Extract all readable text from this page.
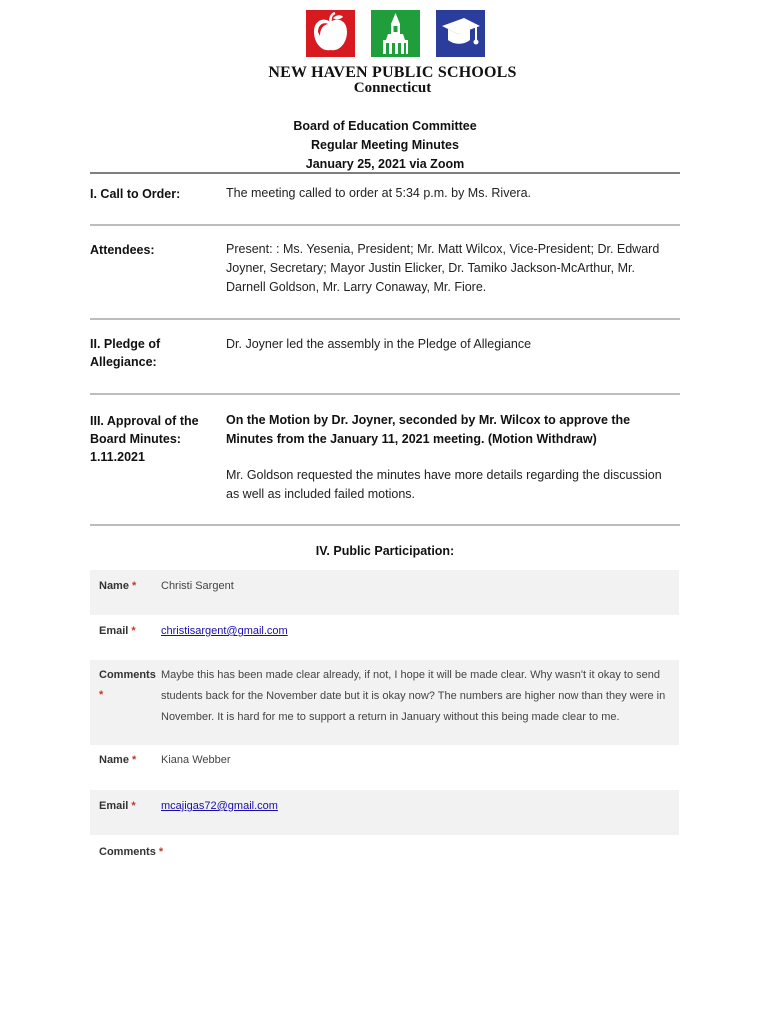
NEW HAVEN PUBLIC SCHOOLS
Connecticut
Board of Education Committee
Regular Meeting Minutes
January 25, 2021 via Zoom
I. Call to Order:	The meeting called to order at 5:34 p.m. by Ms. Rivera.
Attendees:	Present: : Ms. Yesenia, President; Mr. Matt Wilcox, Vice-President; Dr. Edward Joyner, Secretary; Mayor Justin Elicker, Dr. Tamiko Jackson-McArthur, Mr. Darnell Goldson, Mr. Larry Conaway, Mr. Fiore.
II. Pledge of Allegiance:
Dr. Joyner led the assembly in the Pledge of Allegiance
III. Approval of the Board Minutes: 1.11.2021
On the Motion by Dr. Joyner, seconded by Mr. Wilcox to approve the Minutes from the January 11, 2021 meeting. (Motion Withdraw)
Mr. Goldson requested the minutes have more details regarding the discussion as well as included failed motions.
IV. Public Participation:
Name * Christi Sargent
Email * christisargent@gmail.com
Comments
*
Maybe this has been made clear already, if not, I hope it will be made clear. Why wasn't it okay to send students back for the November date but it is okay now? The numbers are higher now than they were in November. It is hard for me to support a return in January without this being made clear to me.
Name * Kiana Webber
Email * mcajigas72@gmail.com
Comments *
